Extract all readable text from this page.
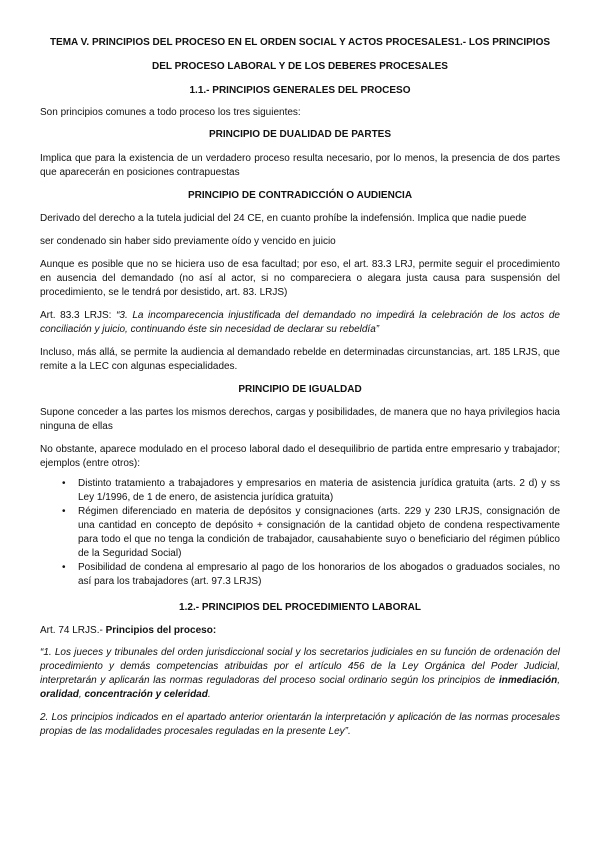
TEMA V. PRINCIPIOS DEL PROCESO EN EL ORDEN SOCIAL Y ACTOS PROCESALES1.- LOS PRINCIPIOS

DEL PROCESO LABORAL Y DE LOS DEBERES PROCESALES

1.1.- PRINCIPIOS GENERALES DEL PROCESO

Son principios comunes a todo proceso los tres siguientes:

PRINCIPIO DE DUALIDAD DE PARTES

Implica que para la existencia de un verdadero proceso resulta necesario, por lo menos, la presencia de dos partes que aparecerán en posiciones contrapuestas

PRINCIPIO DE CONTRADICCIÓN O AUDIENCIA

Derivado del derecho a la tutela judicial del 24 CE, en cuanto prohíbe la indefensión. Implica que nadie puede

ser condenado sin haber sido previamente oído y vencido en juicio

Aunque es posible que no se hiciera uso de esa facultad; por eso, el art. 83.3 LRJ, permite seguir el procedimiento en ausencia del demandado (no así al actor, si no compareciera o alegara justa causa para suspensión del procedimiento, se le tendrá por desistido, art. 83. LRJS)

Art. 83.3 LRJS: “3. La incomparecencia injustificada del demandado no impedirá la celebración de los actos de conciliación y juicio, continuando éste sin necesidad de declarar su rebeldía”

Incluso, más allá, se permite la audiencia al demandado rebelde en determinadas circunstancias, art. 185 LRJS, que remite a la LEC con algunas especialidades.

PRINCIPIO DE IGUALDAD

Supone conceder a las partes los mismos derechos, cargas y posibilidades, de manera que no haya privilegios hacia ninguna de ellas

No obstante, aparece modulado en el proceso laboral dado el desequilibrio de partida entre empresario y trabajador; ejemplos (entre otros):

• Distinto tratamiento a trabajadores y empresarios en materia de asistencia jurídica gratuita (arts. 2 d) y ss Ley 1/1996, de 1 de enero, de asistencia jurídica gratuita)
• Régimen diferenciado en materia de depósitos y consignaciones (arts. 229 y 230 LRJS, consignación de una cantidad en concepto de depósito + consignación de la cantidad objeto de condena respectivamente para todo el que no tenga la condición de trabajador, causahabiente suyo o beneficiario del régimen público de la Seguridad Social)
• Posibilidad de condena al empresario al pago de los honorarios de los abogados o graduados sociales, no así para los trabajadores (art. 97.3 LRJS)

1.2.- PRINCIPIOS DEL PROCEDIMIENTO LABORAL

Art. 74 LRJS.- Principios del proceso:

“1. Los jueces y tribunales del orden jurisdiccional social y los secretarios judiciales en su función de ordenación del procedimiento y demás competencias atribuidas por el artículo 456 de la Ley Orgánica del Poder Judicial, interpretarán y aplicarán las normas reguladoras del proceso social ordinario según los principios de inmediación, oralidad, concentración y celeridad.

2. Los principios indicados en el apartado anterior orientarán la interpretación y aplicación de las normas procesales propias de las modalidades procesales reguladas en la presente Ley”.
